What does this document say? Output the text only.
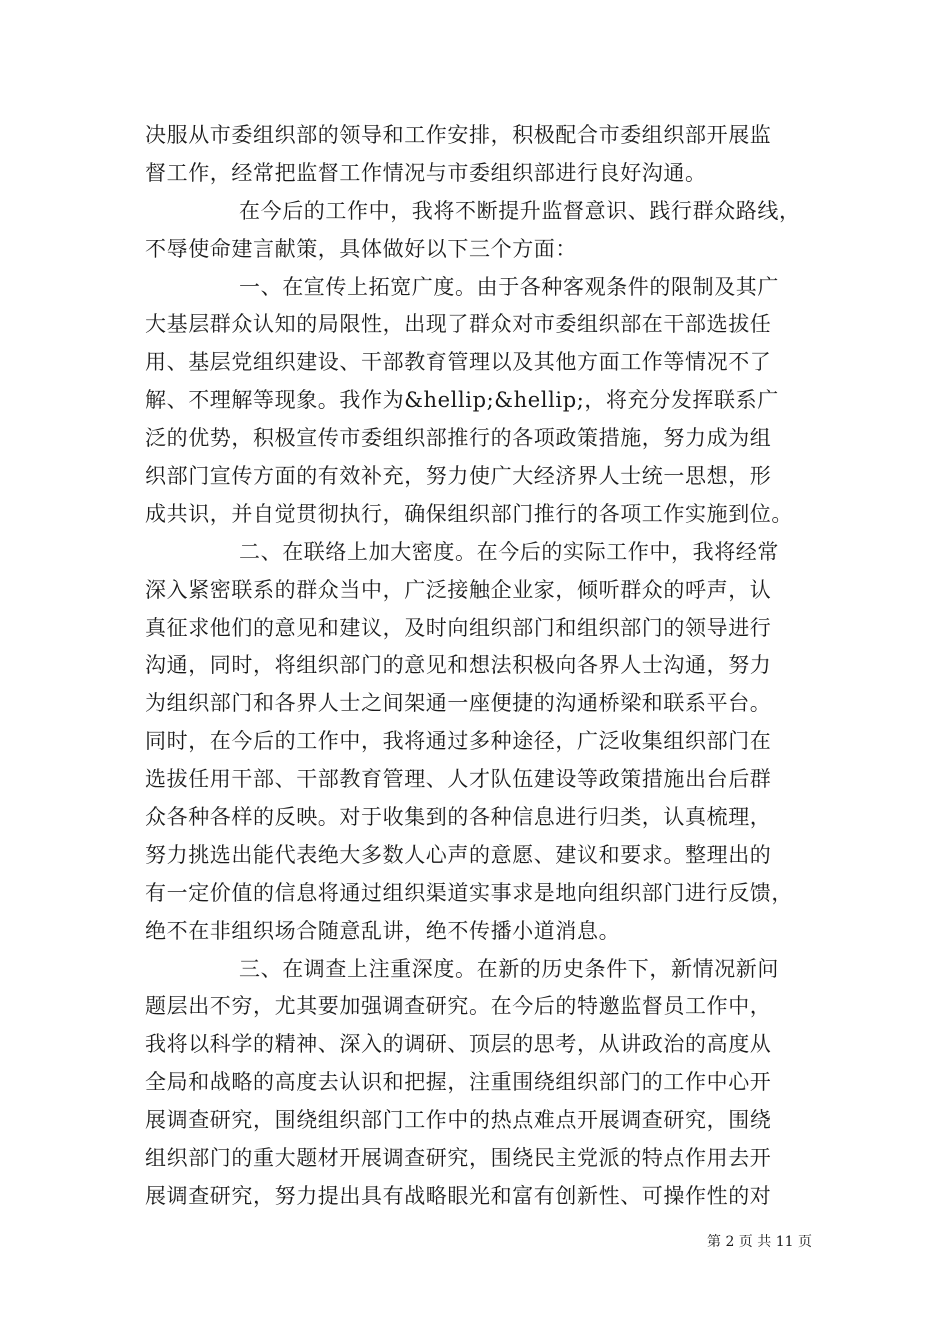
决服从市委组织部的领导和工作安排，积极配合市委组织部开展监
督工作，经常把监督工作情况与市委组织部进行良好沟通。
在今后的工作中，我将不断提升监督意识、践行群众路线，
不辱使命建言献策，具体做好以下三个方面：
一、在宣传上拓宽广度。由于各种客观条件的限制及其广
大基层群众认知的局限性，出现了群众对市委组织部在干部选拔任
用、基层党组织建设、干部教育管理以及其他方面工作等情况不了
解、不理解等现象。我作为&hellip;&hellip;，将充分发挥联系广
泛的优势，积极宣传市委组织部推行的各项政策措施，努力成为组
织部门宣传方面的有效补充，努力使广大经济界人士统一思想，形
成共识，并自觉贯彻执行，确保组织部门推行的各项工作实施到位。
二、在联络上加大密度。在今后的实际工作中，我将经常
深入紧密联系的群众当中，广泛接触企业家，倾听群众的呼声，认
真征求他们的意见和建议，及时向组织部门和组织部门的领导进行
沟通，同时，将组织部门的意见和想法积极向各界人士沟通，努力
为组织部门和各界人士之间架通一座便捷的沟通桥梁和联系平台。
同时，在今后的工作中，我将通过多种途径，广泛收集组织部门在
选拔任用干部、干部教育管理、人才队伍建设等政策措施出台后群
众各种各样的反映。对于收集到的各种信息进行归类，认真梳理，
努力挑选出能代表绝大多数人心声的意愿、建议和要求。整理出的
有一定价值的信息将通过组织渠道实事求是地向组织部门进行反馈，
绝不在非组织场合随意乱讲，绝不传播小道消息。
三、在调查上注重深度。在新的历史条件下，新情况新问
题层出不穷，尤其要加强调查研究。在今后的特邀监督员工作中，
我将以科学的精神、深入的调研、顶层的思考，从讲政治的高度从
全局和战略的高度去认识和把握，注重围绕组织部门的工作中心开
展调查研究，围绕组织部门工作中的热点难点开展调查研究，围绕
组织部门的重大题材开展调查研究，围绕民主党派的特点作用去开
展调查研究，努力提出具有战略眼光和富有创新性、可操作性的对
第 2 页 共 11 页
